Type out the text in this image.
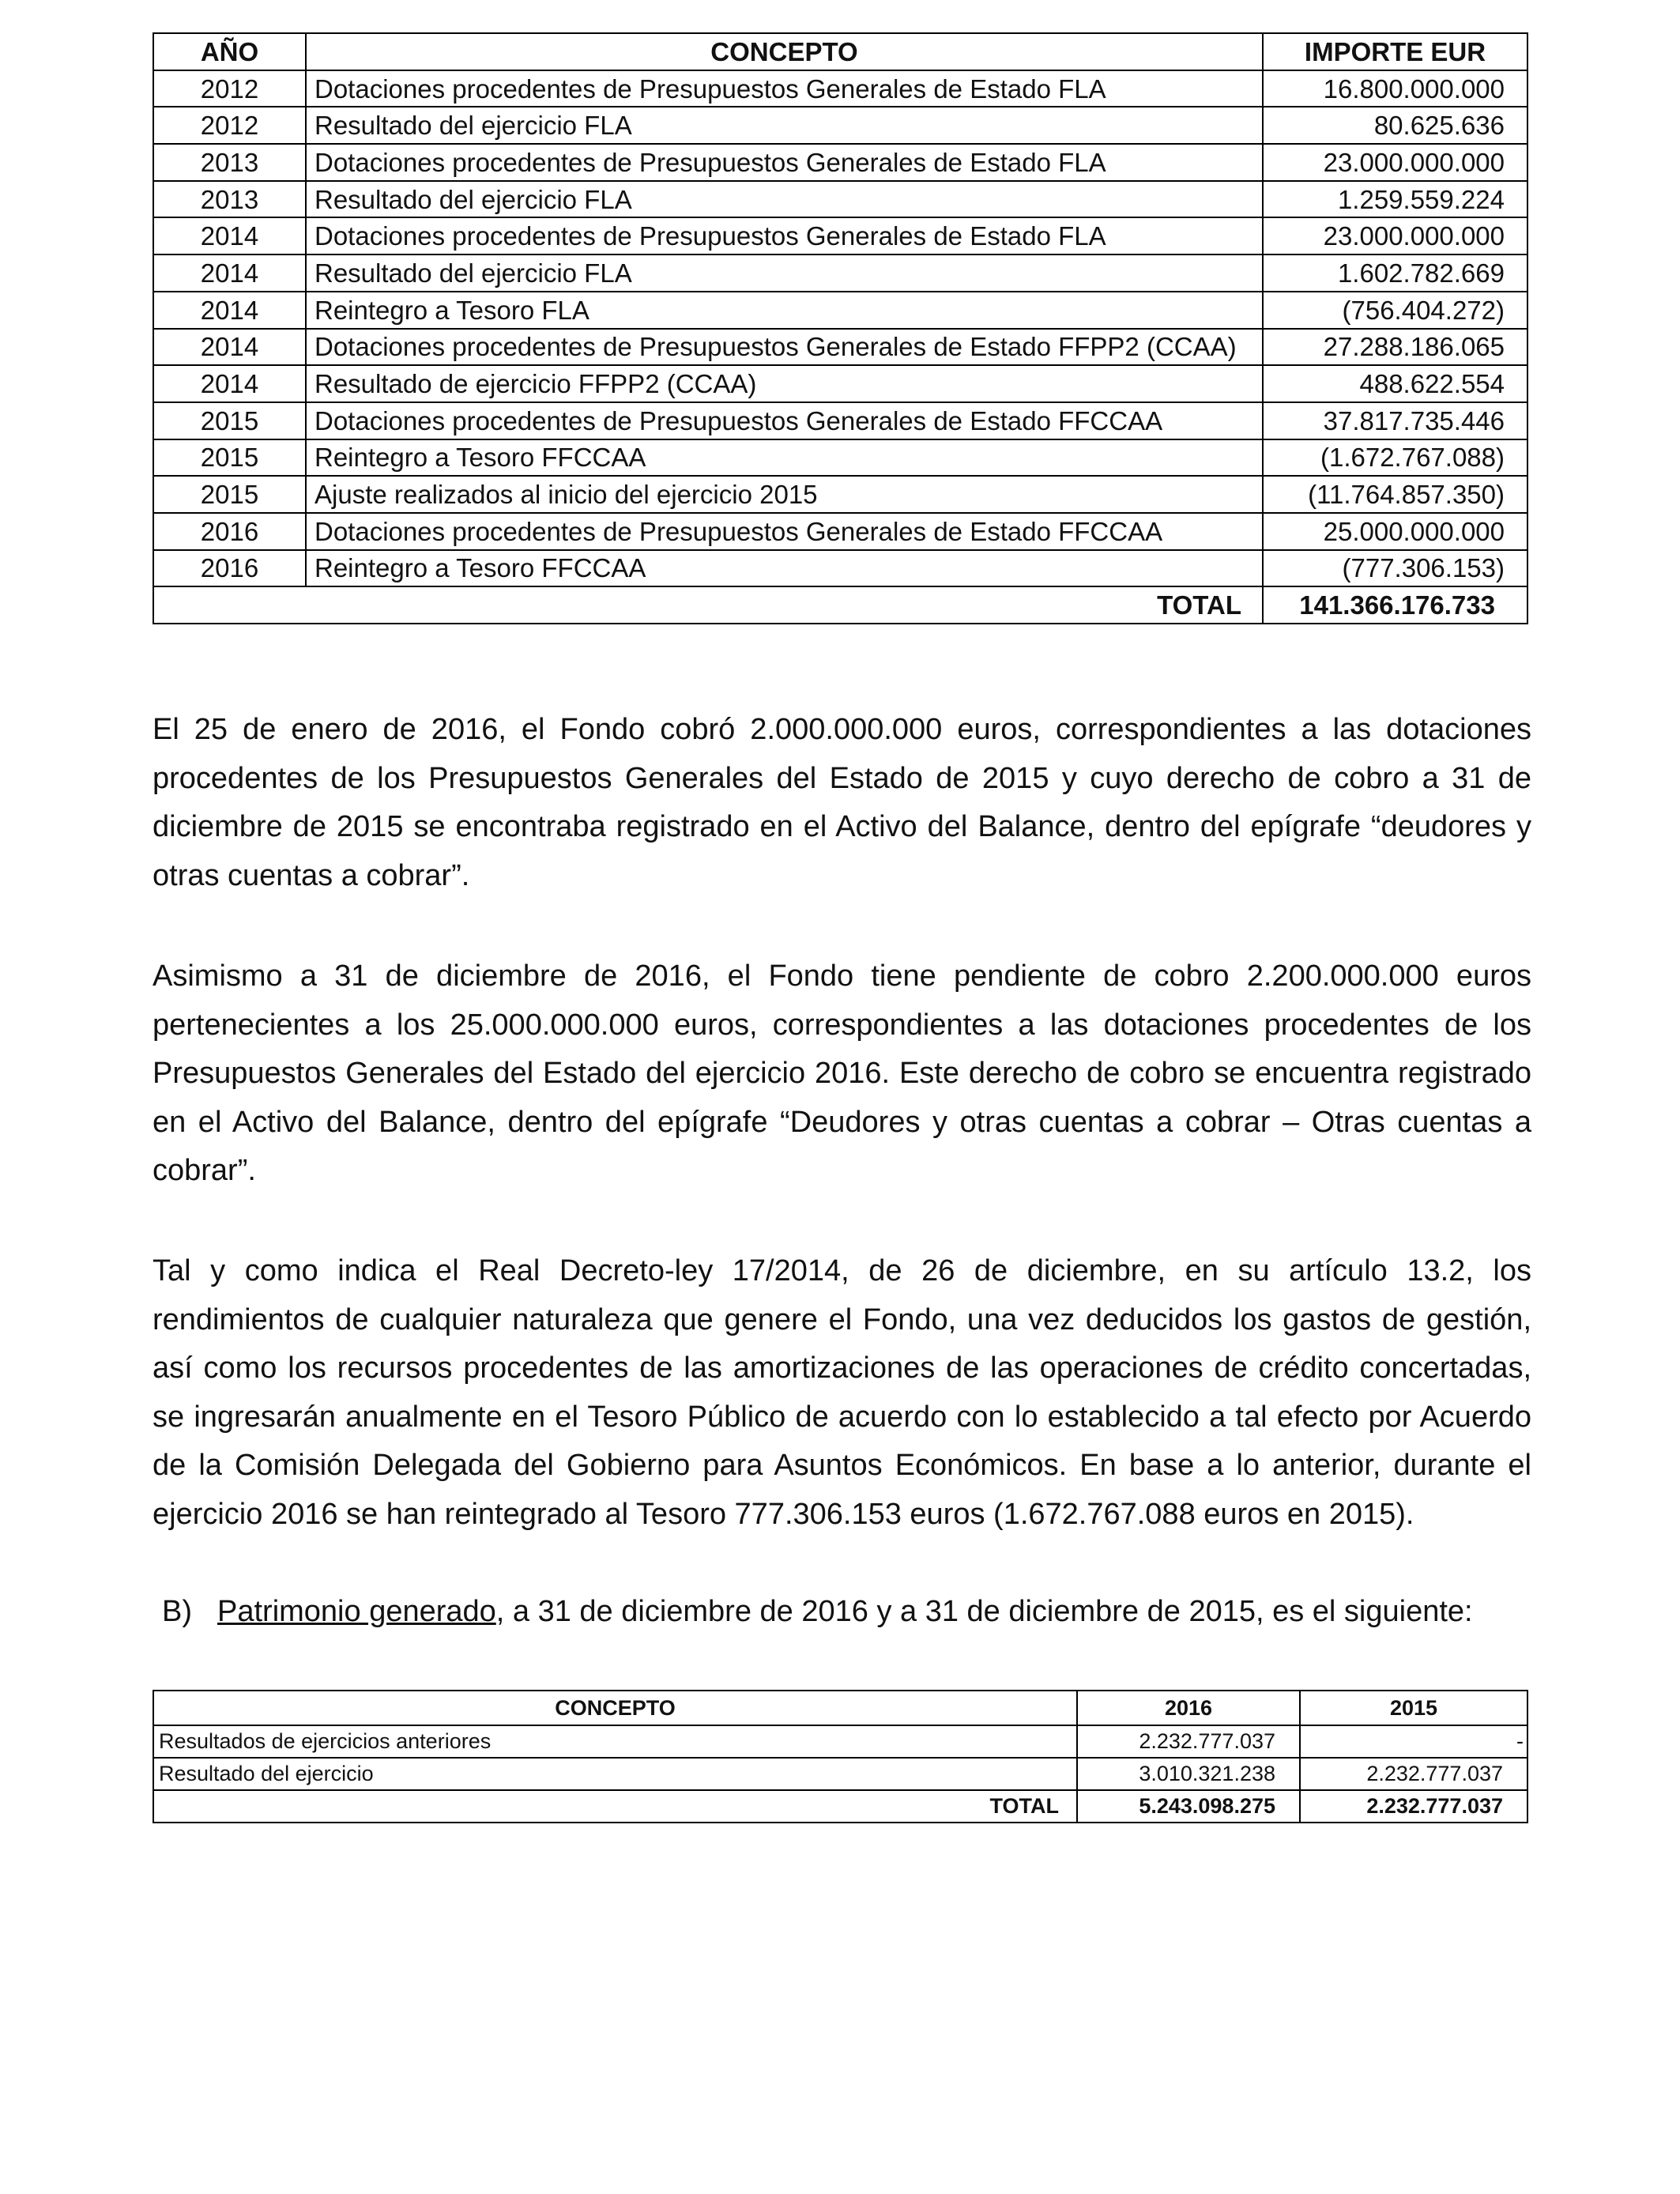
AÑO	CONCEPTO	IMPORTE EUR
2012	Dotaciones procedentes de Presupuestos Generales de Estado FLA	16.800.000.000
2012	Resultado del ejercicio FLA	80.625.636
2013	Dotaciones procedentes de Presupuestos Generales de Estado FLA	23.000.000.000
2013	Resultado del ejercicio FLA	1.259.559.224
2014	Dotaciones procedentes de Presupuestos Generales de Estado FLA	23.000.000.000
2014	Resultado del ejercicio FLA	1.602.782.669
2014	Reintegro a Tesoro FLA	(756.404.272)
2014	Dotaciones procedentes de Presupuestos Generales de Estado FFPP2 (CCAA)	27.288.186.065
2014	Resultado de ejercicio FFPP2 (CCAA)	488.622.554
2015	Dotaciones procedentes de Presupuestos Generales de Estado FFCCAA	37.817.735.446
2015	Reintegro a Tesoro FFCCAA	(1.672.767.088)
2015	Ajuste realizados al inicio del ejercicio 2015	(11.764.857.350)
2016	Dotaciones procedentes de Presupuestos Generales de Estado FFCCAA	25.000.000.000
2016	Reintegro a Tesoro FFCCAA	(777.306.153)
TOTAL		141.366.176.733

El 25 de enero de 2016, el Fondo cobró 2.000.000.000 euros, correspondientes a las dotaciones procedentes de los Presupuestos Generales del Estado de 2015 y cuyo derecho de cobro a 31 de diciembre de 2015 se encontraba registrado en el Activo del Balance, dentro del epígrafe “deudores y otras cuentas a cobrar”.

Asimismo a 31 de diciembre de 2016, el Fondo tiene pendiente de cobro 2.200.000.000 euros pertenecientes a los 25.000.000.000 euros, correspondientes a las dotaciones procedentes de los Presupuestos Generales del Estado del ejercicio 2016. Este derecho de cobro se encuentra registrado en el Activo del Balance, dentro del epígrafe “Deudores y otras cuentas a cobrar – Otras cuentas a cobrar”.

Tal y como indica el Real Decreto-ley 17/2014, de 26 de diciembre, en su artículo 13.2, los rendimientos de cualquier naturaleza que genere el Fondo, una vez deducidos los gastos de gestión, así como los recursos procedentes de las amortizaciones de las operaciones de crédito concertadas, se ingresarán anualmente en el Tesoro Público de acuerdo con lo establecido a tal efecto por Acuerdo de la Comisión Delegada del Gobierno para Asuntos Económicos. En base a lo anterior, durante el ejercicio 2016 se han reintegrado al Tesoro 777.306.153 euros (1.672.767.088 euros en 2015).

B) Patrimonio generado, a 31 de diciembre de 2016 y a 31 de diciembre de 2015, es el siguiente:

CONCEPTO	2016	2015
Resultados de ejercicios anteriores	2.232.777.037	-
Resultado del ejercicio	3.010.321.238	2.232.777.037
TOTAL	5.243.098.275	2.232.777.037
